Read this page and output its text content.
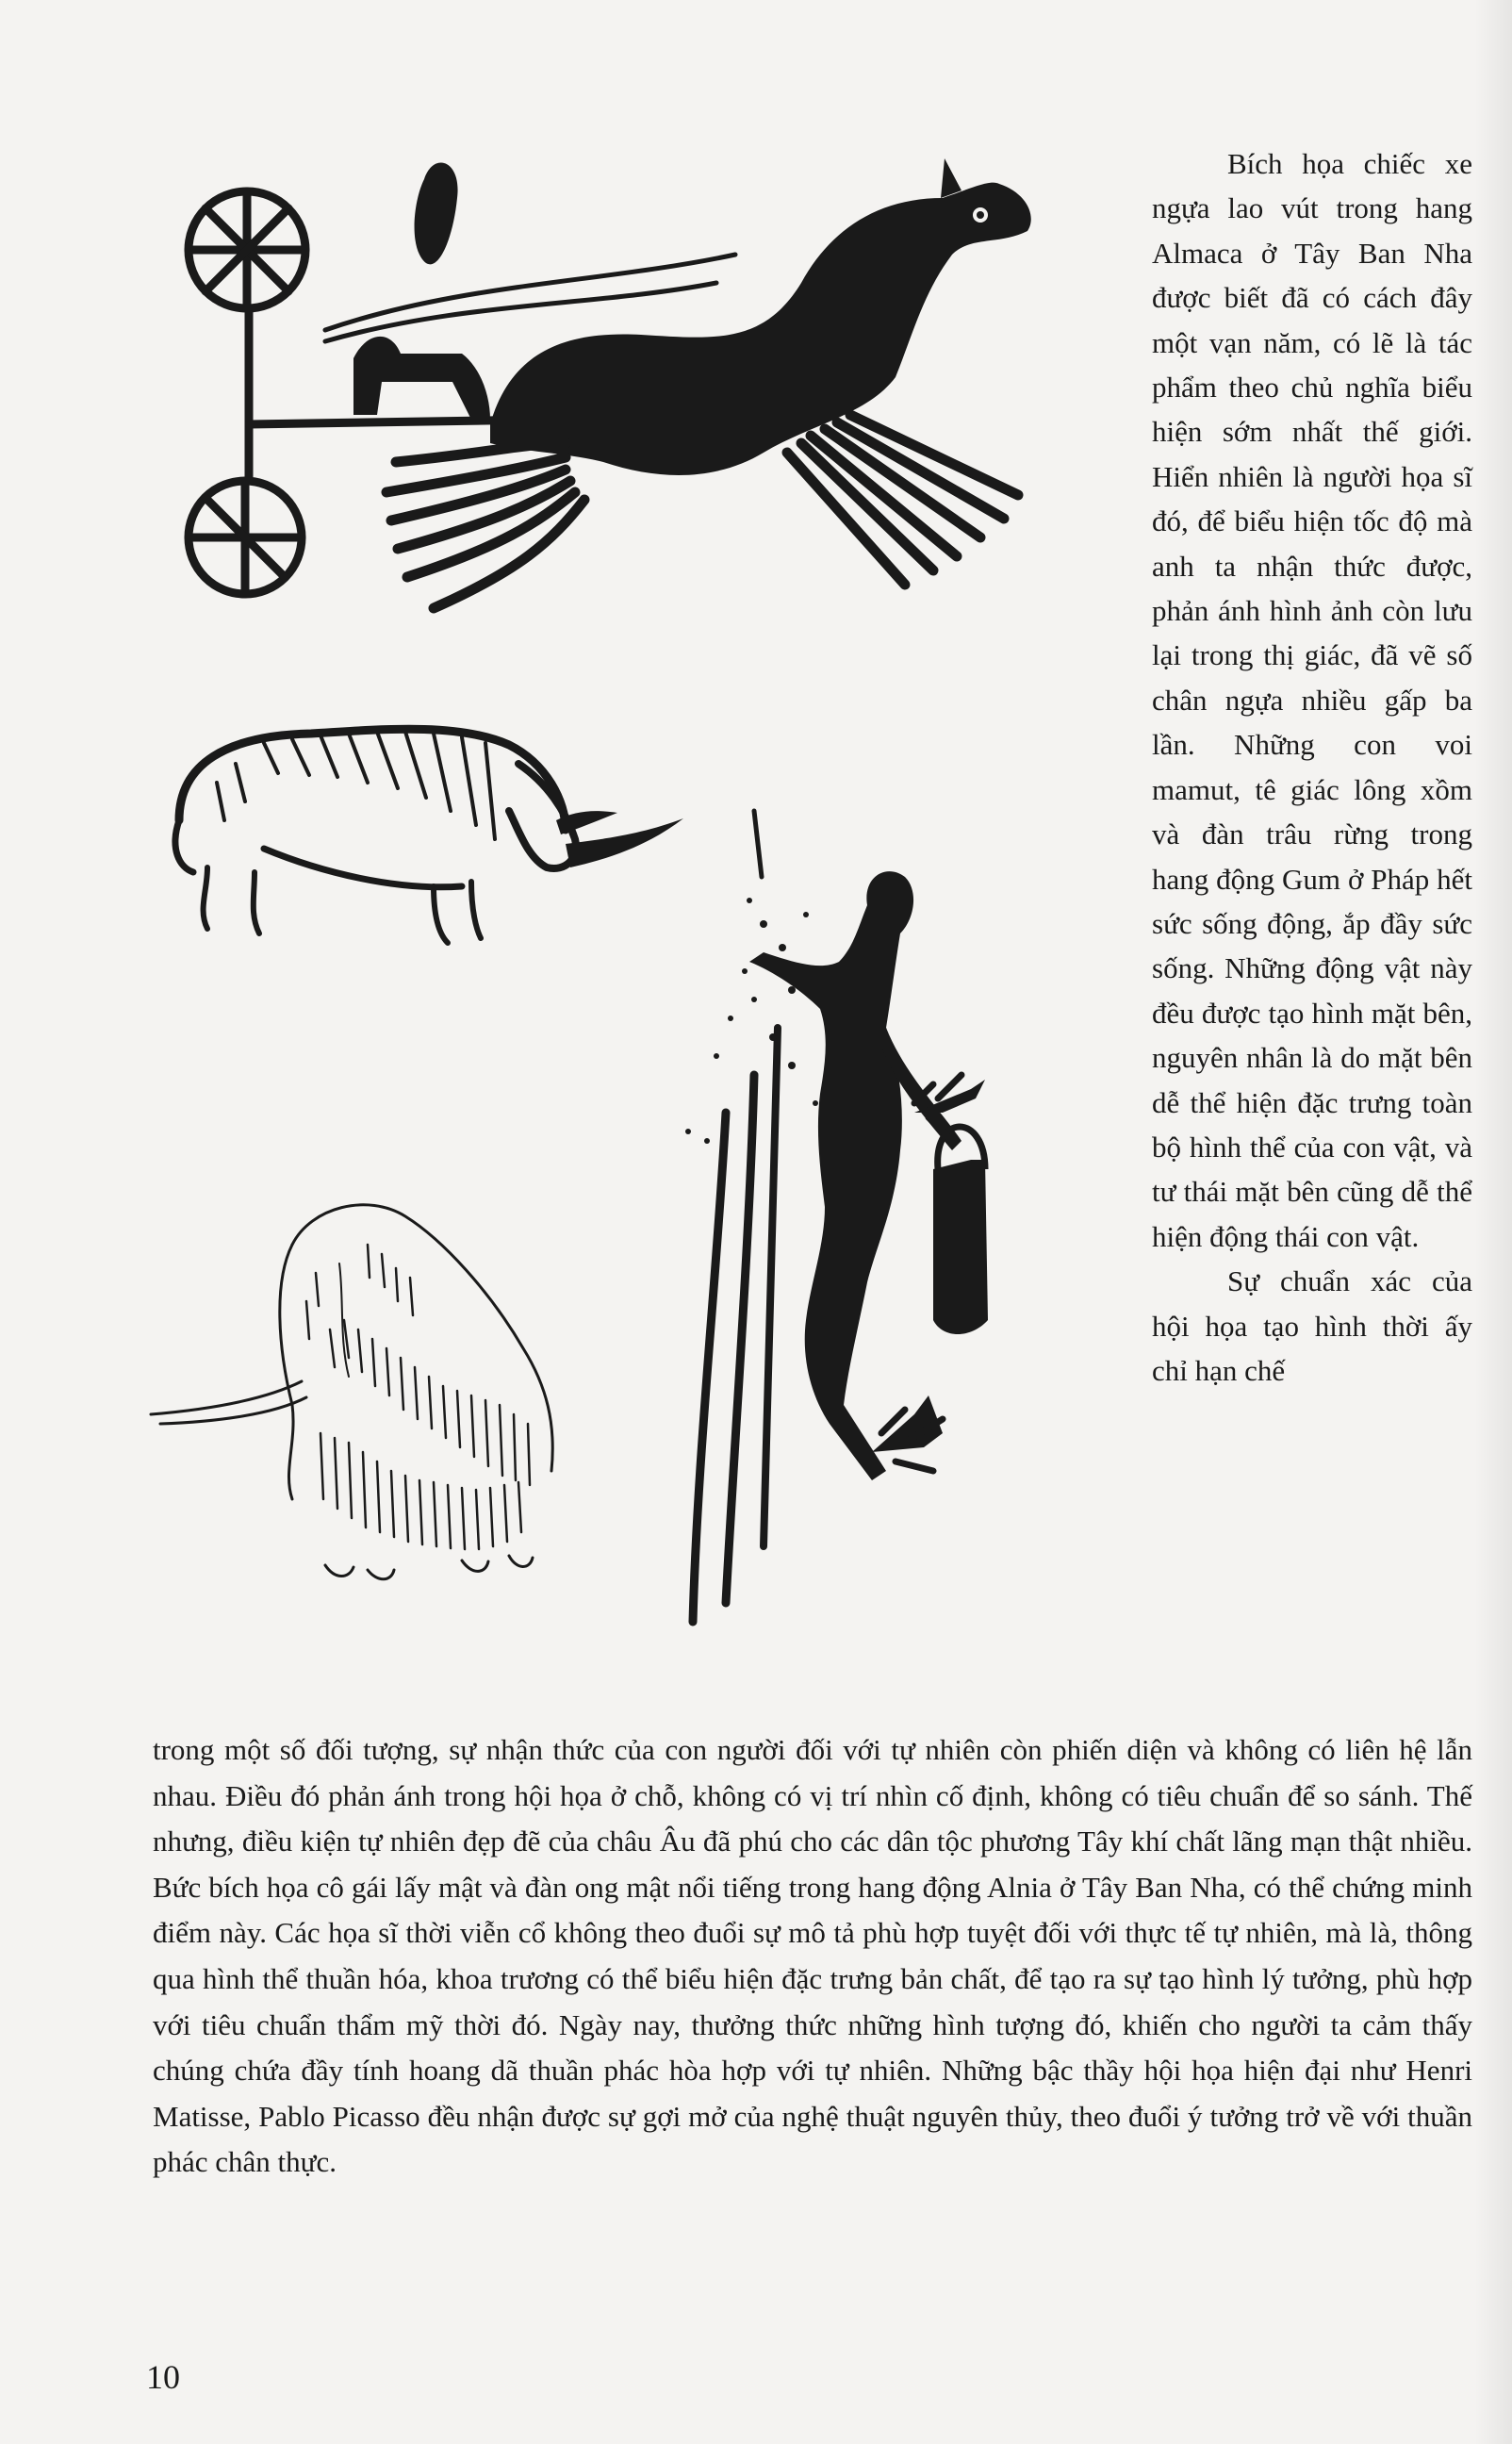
Bích họa chiếc xe ngựa lao vút trong hang Almaca ở Tây Ban Nha được biết đã có cách đây một vạn năm, có lẽ là tác phẩm theo chủ nghĩa biểu hiện sớm nhất thế giới. Hiển nhiên là người họa sĩ đó, để biểu hiện tốc độ mà anh ta nhận thức được, phản ánh hình ảnh còn lưu lại trong thị giác, đã vẽ số chân ngựa nhiều gấp ba lần. Những con voi mamut, tê giác lông xồm và đàn trâu rừng trong hang động Gum ở Pháp hết sức sống động, ắp đầy sức sống. Những động vật này đều được tạo hình mặt bên, nguyên nhân là do mặt bên dễ thể hiện đặc trưng toàn bộ hình thể của con vật, và tư thái mặt bên cũng dễ thể hiện động thái con vật.

Sự chuẩn xác của hội họa tạo hình thời ấy chỉ hạn chế

trong một số đối tượng, sự nhận thức của con người đối với tự nhiên còn phiến diện và không có liên hệ lẫn nhau. Điều đó phản ánh trong hội họa ở chỗ, không có vị trí nhìn cố định, không có tiêu chuẩn để so sánh. Thế nhưng, điều kiện tự nhiên đẹp đẽ của châu Âu đã phú cho các dân tộc phương Tây khí chất lãng mạn thật nhiều. Bức bích họa cô gái lấy mật và đàn ong mật nổi tiếng trong hang động Alnia ở Tây Ban Nha, có thể chứng minh điểm này. Các họa sĩ thời viễn cổ không theo đuổi sự mô tả phù hợp tuyệt đối với thực tế tự nhiên, mà là, thông qua hình thể thuần hóa, khoa trương có thể biểu hiện đặc trưng bản chất, để tạo ra sự tạo hình lý tưởng, phù hợp với tiêu chuẩn thẩm mỹ thời đó. Ngày nay, thưởng thức những hình tượng đó, khiến cho người ta cảm thấy chúng chứa đầy tính hoang dã thuần phác hòa hợp với tự nhiên. Những bậc thầy hội họa hiện đại như Henri Matisse, Pablo Picasso đều nhận được sự gợi mở của nghệ thuật nguyên thủy, theo đuổi ý tưởng trở về với thuần phác chân thực.
10
